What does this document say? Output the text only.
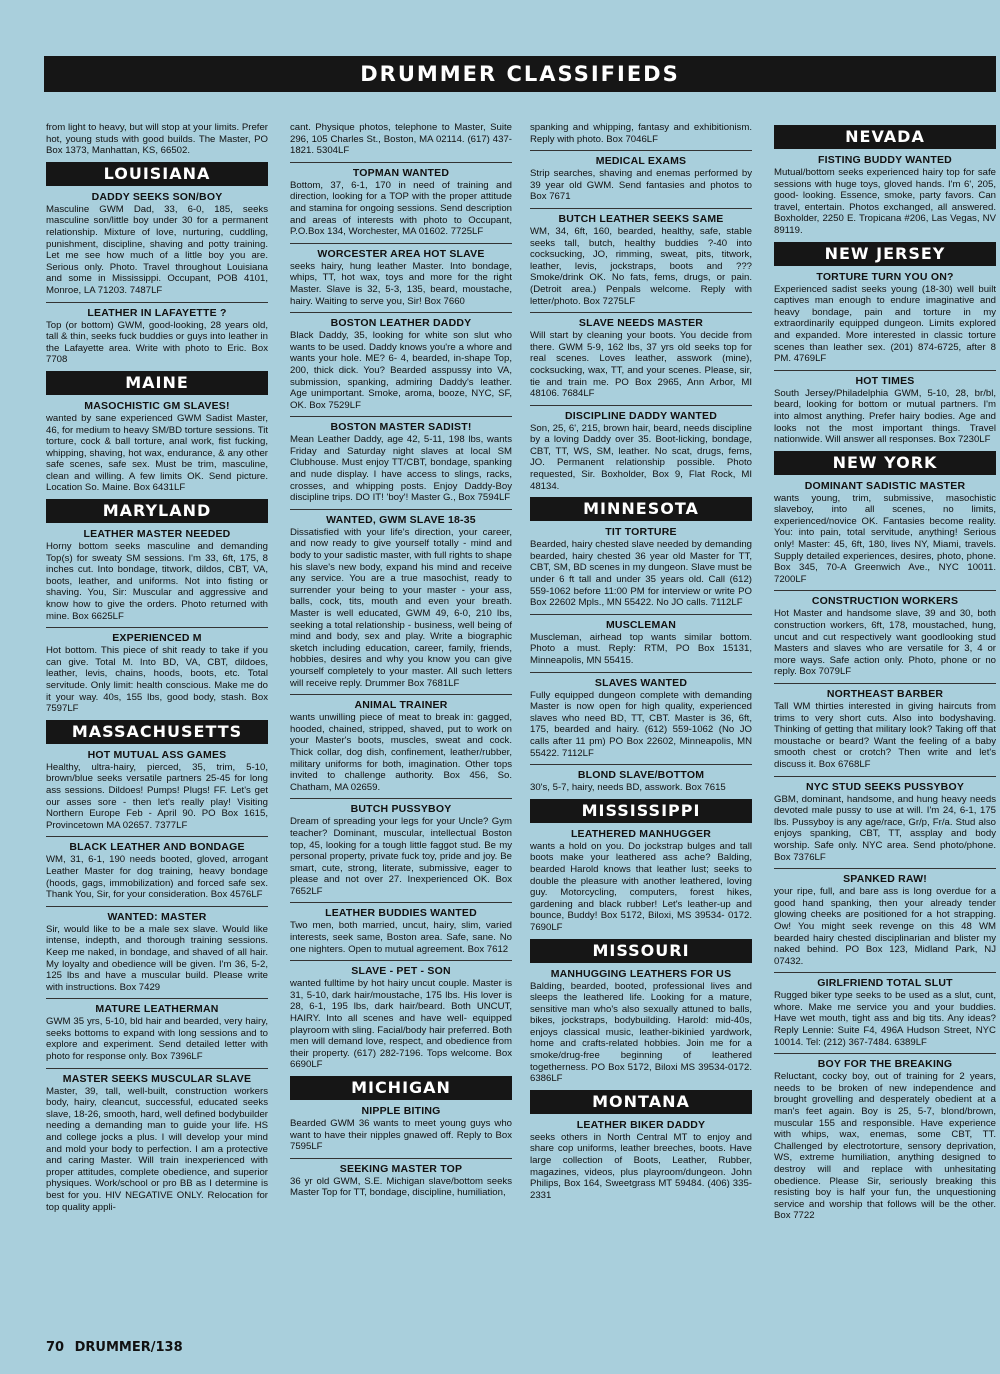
DRUMMER CLASSIFIEDS

from light to heavy, but will stop at your limits. Prefer hot, young studs with good builds. The Master, PO Box 1373, Manhattan, KS, 66502.

LOUISIANA
DADDY SEEKS SON/BOY

Masculine GWM Dad, 33, 6-0, 185, seeks masculine son/little boy under 30 for a permanent relationship. Mixture of love, nurturing, cuddling, punishment, discipline, shaving and potty training. Let me see how much of a little boy you are. Serious only. Photo. Travel throughout Louisiana and some in Mississippi. Occupant, POB 4101, Monroe, LA 71203. 7487LF

LEATHER IN LAFAYETTE ?

Top (or bottom) GWM, good-looking, 28 years old, tall & thin, seeks fuck buddies or guys into leather in the Lafayette area. Write with photo to Eric. Box 7708

MAINE
MASOCHISTIC GM SLAVES!

wanted by sane experienced GWM Sadist Master, 46, for medium to heavy SM/BD torture sessions. Tit torture, cock & ball torture, anal work, fist fucking, whipping, shaving, hot wax, endurance, & any other safe scenes, safe sex. Must be trim, masculine, clean and willing. A few limits OK. Send picture. Location So. Maine. Box 6431LF

MARYLAND
LEATHER MASTER NEEDED

Horny bottom seeks masculine and demanding Top(s) for sweaty SM sessions. I'm 33, 6ft, 175, 8 inches cut. Into bondage, titwork, dildos, CBT, VA, boots, leather, and uniforms. Not into fisting or shaving. You, Sir: Muscular and aggressive and know how to give the orders. Photo returned with mine. Box 6625LF

EXPERIENCED M

Hot bottom. This piece of shit ready to take if you can give. Total M. Into BD, VA, CBT, dildoes, leather, levis, chains, hoods, boots, etc. Total servitude. Only limit: health conscious. Make me do it your way. 40s, 155 lbs, good body, stash. Box 7597LF

MASSACHUSETTS
HOT MUTUAL ASS GAMES

Healthy, ultra-hairy, pierced, 35, trim, 5-10, brown/blue seeks versatile partners 25-45 for long ass sessions. Dildoes! Pumps! Plugs! FF. Let's get our asses sore - then let's really play! Visiting Northern Europe Feb - April 90. PO Box 1615, Provincetown MA 02657. 7377LF

BLACK LEATHER AND BONDAGE

WM, 31, 6-1, 190 needs booted, gloved, arrogant Leather Master for dog training, heavy bondage (hoods, gags, immobilization) and forced safe sex. Thank You, Sir, for your consideration. Box 4576LF

WANTED: MASTER

Sir, would like to be a male sex slave. Would like intense, indepth, and thorough training sessions. Keep me naked, in bondage, and shaved of all hair. My loyalty and obedience will be given. I'm 36, 5-2, 125 lbs and have a muscular build. Please write with instructions. Box 7429

MATURE LEATHERMAN

GWM 35 yrs, 5-10, bld hair and bearded, very hairy, seeks bottoms to expand with long sessions and to explore and experiment. Send detailed letter with photo for response only. Box 7396LF

MASTER SEEKS MUSCULAR SLAVE

Master, 39, tall, well-built, construction workers body, hairy, cleancut, successful, educated seeks slave, 18-26, smooth, hard, well defined bodybuilder needing a demanding man to guide your life. HS and college jocks a plus. I will develop your mind and mold your body to perfection. I am a protective and caring Master. Will train inexperienced with proper attitudes, complete obedience, and superior physiques. Work/school or pro BB as I determine is best for you. HIV NEGATIVE ONLY. Relocation for top quality appli-

cant. Physique photos, telephone to Master, Suite 296, 105 Charles St., Boston, MA 02114. (617) 437-1821. 5304LF

TOPMAN WANTED

Bottom, 37, 6-1, 170 in need of training and direction, looking for a TOP with the proper attitude and stamina for ongoing sessions. Send description and areas of interests with photo to Occupant, P.O.Box 134, Worchester, MA 01602. 7725LF

WORCESTER AREA HOT SLAVE

seeks hairy, hung leather Master. Into bondage, whips, TT, hot wax, toys and more for the right Master. Slave is 32, 5-3, 135, beard, moustache, hairy. Waiting to serve you, Sir! Box 7660

BOSTON LEATHER DADDY

Black Daddy, 35, looking for white son slut who wants to be used. Daddy knows you're a whore and wants your hole. ME? 6- 4, bearded, in-shape Top, 200, thick dick. You? Bearded asspussy into VA, submission, spanking, admiring Daddy's leather. Age unimportant. Smoke, aroma, booze, NYC, SF, OK. Box 7529LF

BOSTON MASTER SADIST!

Mean Leather Daddy, age 42, 5-11, 198 lbs, wants Friday and Saturday night slaves at local SM Clubhouse. Must enjoy TT/CBT, bondage, spanking and nude display. I have access to slings, racks, crosses, and whipping posts. Enjoy Daddy-Boy discipline trips. DO IT! 'boy'! Master G., Box 7594LF

WANTED, GWM SLAVE 18-35

Dissatisfied with your life's direction, your career, and now ready to give yourself totally - mind and body to your sadistic master, with full rights to shape his slave's new body, expand his mind and receive any service. You are a true masochist, ready to surrender your being to your master - your ass, balls, cock, tits, mouth and even your breath. Master is well educated, GWM 49, 6-0, 210 lbs, seeking a total relationship - business, well being of mind and body, sex and play. Write a biographic sketch including education, career, family, friends, hobbies, desires and why you know you can give yourself completely to your master. All such letters will receive reply. Drummer Box 7681LF

ANIMAL TRAINER

wants unwilling piece of meat to break in: gagged, hooded, chained, stripped, shaved, put to work on your Master's boots, muscles, sweat and cock. Thick collar, dog dish, confinement, leather/rubber, military uniforms for both, imagination. Other tops invited to challenge authority. Box 456, So. Chatham, MA 02659.

BUTCH PUSSYBOY

Dream of spreading your legs for your Uncle? Gym teacher? Dominant, muscular, intellectual Boston top, 45, looking for a tough little faggot stud. Be my personal property, private fuck toy, pride and joy. Be smart, cute, strong, literate, submissive, eager to please and not over 27. Inexperienced OK. Box 7652LF

LEATHER BUDDIES WANTED

Two men, both married, uncut, hairy, slim, varied interests, seek same, Boston area. Safe, sane. No one nighters. Open to mutual agreement. Box 7612

SLAVE - PET - SON

wanted fulltime by hot hairy uncut couple. Master is 31, 5-10, dark hair/moustache, 175 lbs. His lover is 28, 6-1, 195 lbs, dark hair/beard. Both UNCUT, HAIRY. Into all scenes and have well- equipped playroom with sling. Facial/body hair preferred. Both men will demand love, respect, and obedience from their property. (617) 282-7196. Tops welcome. Box 6690LF

MICHIGAN
NIPPLE BITING

Bearded GWM 36 wants to meet young guys who want to have their nipples gnawed off. Reply to Box 7595LF

SEEKING MASTER TOP

36 yr old GWM, S.E. Michigan slave/bottom seeks Master Top for TT, bondage, discipline, humiliation,

spanking and whipping, fantasy and exhibitionism. Reply with photo. Box 7046LF

MEDICAL EXAMS

Strip searches, shaving and enemas performed by 39 year old GWM. Send fantasies and photos to Box 7671

BUTCH LEATHER SEEKS SAME

WM, 34, 6ft, 160, bearded, healthy, safe, stable seeks tall, butch, healthy buddies ?-40 into cocksucking, JO, rimming, sweat, pits, titwork, leather, levis, jockstraps, boots and ??? Smoke/drink OK. No fats, fems, drugs, or pain. (Detroit area.) Penpals welcome. Reply with letter/photo. Box 7275LF

SLAVE NEEDS MASTER

Will start by cleaning your boots. You decide from there. GWM 5-9, 162 lbs, 37 yrs old seeks top for real scenes. Loves leather, asswork (mine), cocksucking, wax, TT, and your scenes. Please, sir, tie and train me. PO Box 2965, Ann Arbor, MI 48106. 7684LF

DISCIPLINE DADDY WANTED

Son, 25, 6', 215, brown hair, beard, needs discipline by a loving Daddy over 35. Boot-licking, bondage, CBT, TT, WS, SM, leather. No scat, drugs, fems, JO. Permanent relationship possible. Photo requested, Sir. Boxholder, Box 9, Flat Rock, MI 48134.

MINNESOTA
TIT TORTURE

Bearded, hairy chested slave needed by demanding bearded, hairy chested 36 year old Master for TT, CBT, SM, BD scenes in my dungeon. Slave must be under 6 ft tall and under 35 years old. Call (612) 559-1062 before 11:00 PM for interview or write PO Box 22602 Mpls., MN 55422. No JO calls. 7112LF

MUSCLEMAN

Muscleman, airhead top wants similar bottom. Photo a must. Reply: RTM, PO Box 15131, Minneapolis, MN 55415.

SLAVES WANTED

Fully equipped dungeon complete with demanding Master is now open for high quality, experienced slaves who need BD, TT, CBT. Master is 36, 6ft, 175, bearded and hairy. (612) 559-1062 (No JO calls after 11 pm) PO Box 22602, Minneapolis, MN 55422. 7112LF

BLOND SLAVE/BOTTOM

30's, 5-7, hairy, needs BD, asswork. Box 7615

MISSISSIPPI
LEATHERED MANHUGGER

wants a hold on you. Do jockstrap bulges and tall boots make your leathered ass ache? Balding, bearded Harold knows that leather lust; seeks to double the pleasure with another leathered, loving guy. Motorcycling, computers, forest hikes, gardening and black rubber! Let's leather-up and bounce, Buddy! Box 5172, Biloxi, MS 39534- 0172. 7690LF

MISSOURI
MANHUGGING LEATHERS FOR US

Balding, bearded, booted, professional lives and sleeps the leathered life. Looking for a mature, sensitive man who's also sexually attuned to balls, bikes, jockstraps, bodybuilding. Harold: mid-40s, enjoys classical music, leather-bikinied yardwork, home and crafts-related hobbies. Join me for a smoke/drug-free beginning of leathered togetherness. PO Box 5172, Biloxi MS 39534-0172. 6386LF

MONTANA
LEATHER BIKER DADDY

seeks others in North Central MT to enjoy and share cop uniforms, leather breeches, boots. Have large collection of Boots, Leather, Rubber, magazines, videos, plus playroom/dungeon. John Philips, Box 164, Sweetgrass MT 59484. (406) 335-2331

NEVADA
FISTING BUDDY WANTED

Mutual/bottom seeks experienced hairy top for safe sessions with huge toys, gloved hands. I'm 6', 205, good- looking. Essence, smoke, party favors. Can travel, entertain. Photos exchanged, all answered. Boxholder, 2250 E. Tropicana #206, Las Vegas, NV 89119.

NEW JERSEY
TORTURE TURN YOU ON?

Experienced sadist seeks young (18-30) well built captives man enough to endure imaginative and heavy bondage, pain and torture in my extraordinarily equipped dungeon. Limits explored and expanded. More interested in classic torture scenes than leather sex. (201) 874-6725, after 8 PM. 4769LF

HOT TIMES

South Jersey/Philadelphia GWM, 5-10, 28, br/bl, beard, looking for bottom or mutual partners. I'm into almost anything. Prefer hairy bodies. Age and looks not the most important things. Travel nationwide. Will answer all responses. Box 7230LF

NEW YORK
DOMINANT SADISTIC MASTER

wants young, trim, submissive, masochistic slaveboy, into all scenes, no limits, experienced/novice OK. Fantasies become reality. You: into pain, total servitude, anything! Serious only! Master: 45, 6ft, 180, lives NY, Miami, travels. Supply detailed experiences, desires, photo, phone. Box 345, 70-A Greenwich Ave., NYC 10011. 7200LF

CONSTRUCTION WORKERS

Hot Master and handsome slave, 39 and 30, both construction workers, 6ft, 178, moustached, hung, uncut and cut respectively want goodlooking stud Masters and slaves who are versatile for 3, 4 or more ways. Safe action only. Photo, phone or no reply. Box 7079LF

NORTHEAST BARBER

Tall WM thirties interested in giving haircuts from trims to very short cuts. Also into bodyshaving. Thinking of getting that military look? Taking off that moustache or beard? Want the feeling of a baby smooth chest or crotch? Then write and let's discuss it. Box 6768LF

NYC STUD SEEKS PUSSYBOY

GBM, dominant, handsome, and hung heavy needs devoted male pussy to use at will. I'm 24, 6-1, 175 lbs. Pussyboy is any age/race, Gr/p, Fr/a. Stud also enjoys spanking, CBT, TT, assplay and body worship. Safe only. NYC area. Send photo/phone. Box 7376LF

SPANKED RAW!

your ripe, full, and bare ass is long overdue for a good hand spanking, then your already tender glowing cheeks are positioned for a hot strapping. Ow! You might seek revenge on this 48 WM bearded hairy chested disciplinarian and blister my naked behind. PO Box 123, Midland Park, NJ 07432.

GIRLFRIEND TOTAL SLUT

Rugged biker type seeks to be used as a slut, cunt, whore. Make me service you and your buddies. Have wet mouth, tight ass and big tits. Any ideas? Reply Lennie: Suite F4, 496A Hudson Street, NYC 10014. Tel: (212) 367-7484. 6389LF

BOY FOR THE BREAKING

Reluctant, cocky boy, out of training for 2 years, needs to be broken of new independence and brought grovelling and desperately obedient at a man's feet again. Boy is 25, 5-7, blond/brown, muscular 155 and responsible. Have experience with whips, wax, enemas, some CBT, TT. Challenged by electrotorture, sensory deprivation, WS, extreme humiliation, anything designed to destroy will and replace with unhesitating obedience. Please Sir, seriously breaking this resisting boy is half your fun, the unquestioning service and worship that follows will be the other. Box 7722

70 DRUMMER/138
